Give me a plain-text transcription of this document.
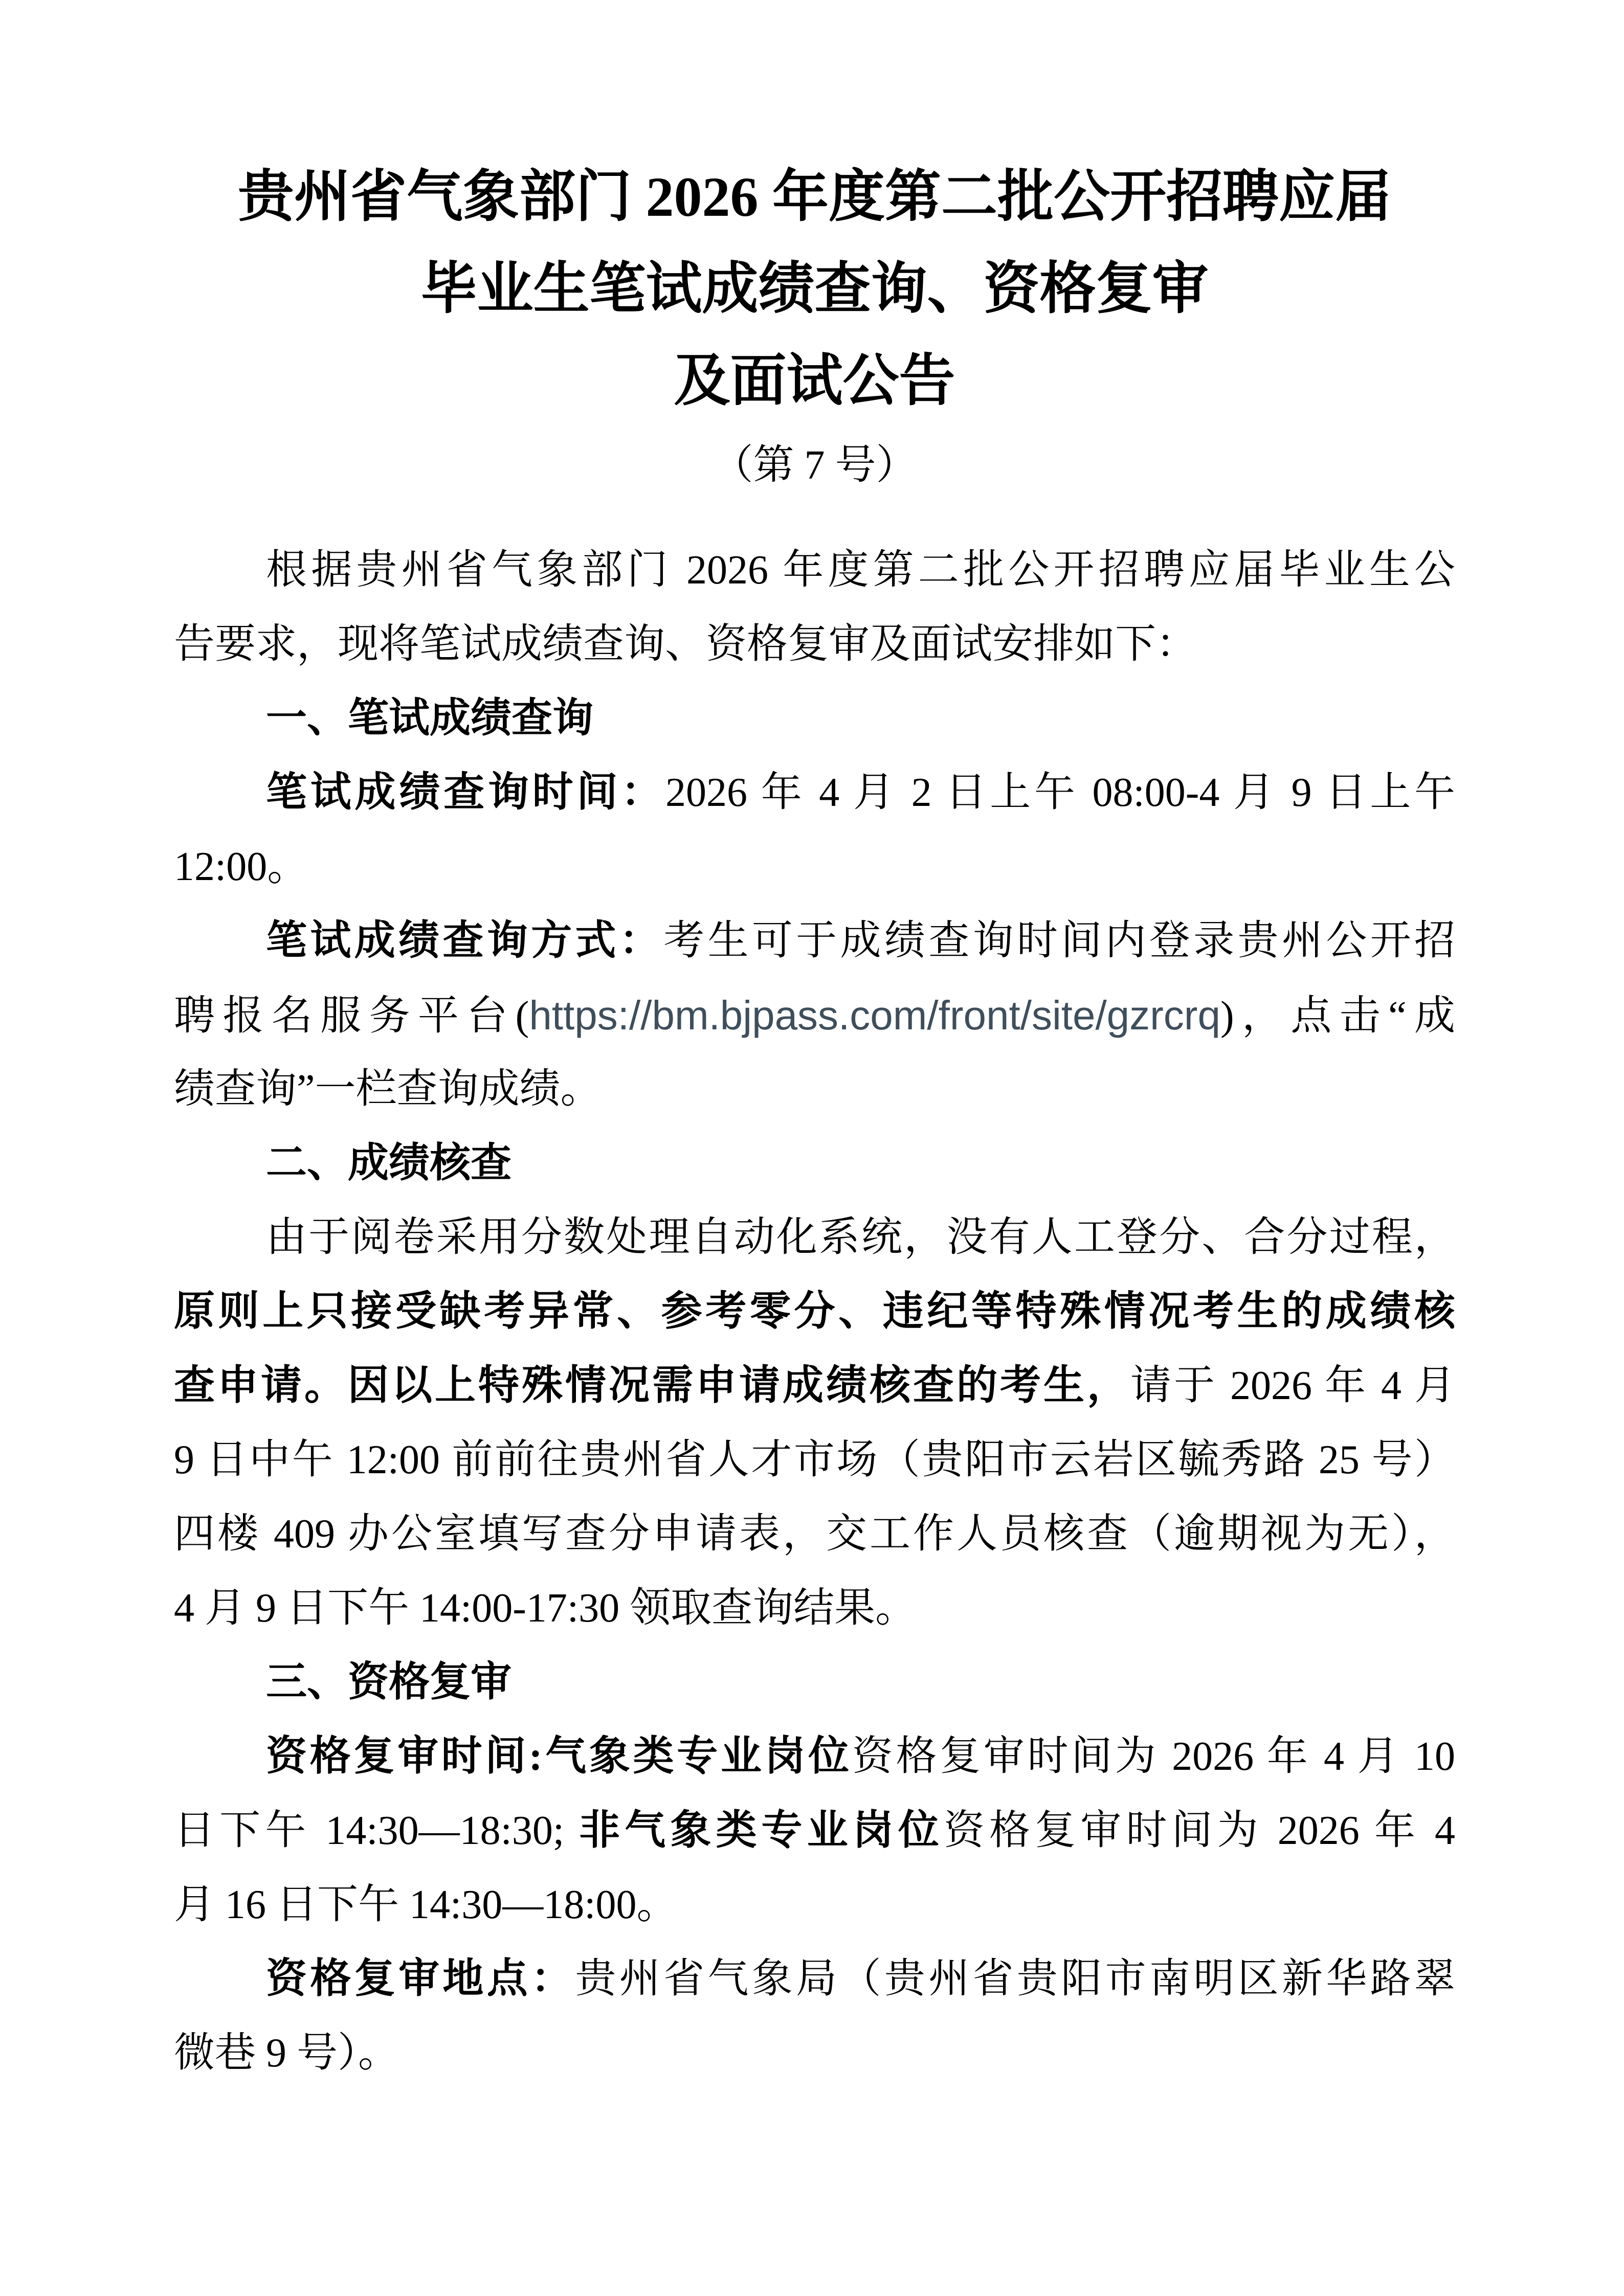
贵州省气象部门 2026 年度第二批公开招聘应届
毕业生笔试成绩查询、资格复审
及面试公告
（第 7 号）
根据贵州省气象部门 2026 年度第二批公开招聘应届毕业生公
告要求，现将笔试成绩查询、资格复审及面试安排如下：
一、笔试成绩查询
笔试成绩查询时间：2026 年 4 月 2 日上午 08:00-4 月 9 日上午
12:00。
笔试成绩查询方式：考生可于成绩查询时间内登录贵州公开招
聘报名服务平台(https://bm.bjpass.com/front/site/gzrcrq)，点击“成
绩查询”一栏查询成绩。
二、成绩核查
由于阅卷采用分数处理自动化系统，没有人工登分、合分过程，
原则上只接受缺考异常、参考零分、违纪等特殊情况考生的成绩核
查申请。因以上特殊情况需申请成绩核查的考生，请于 2026 年 4 月
9 日中午 12:00 前前往贵州省人才市场（贵阳市云岩区毓秀路 25 号）
四楼 409 办公室填写查分申请表，交工作人员核查（逾期视为无），
4 月 9 日下午 14:00-17:30 领取查询结果。
三、资格复审
资格复审时间:气象类专业岗位资格复审时间为 2026 年 4 月 10
日下午 14:30—18:30; 非气象类专业岗位资格复审时间为 2026 年 4
月 16 日下午 14:30—18:00。
资格复审地点：贵州省气象局（贵州省贵阳市南明区新华路翠
微巷 9 号）。
